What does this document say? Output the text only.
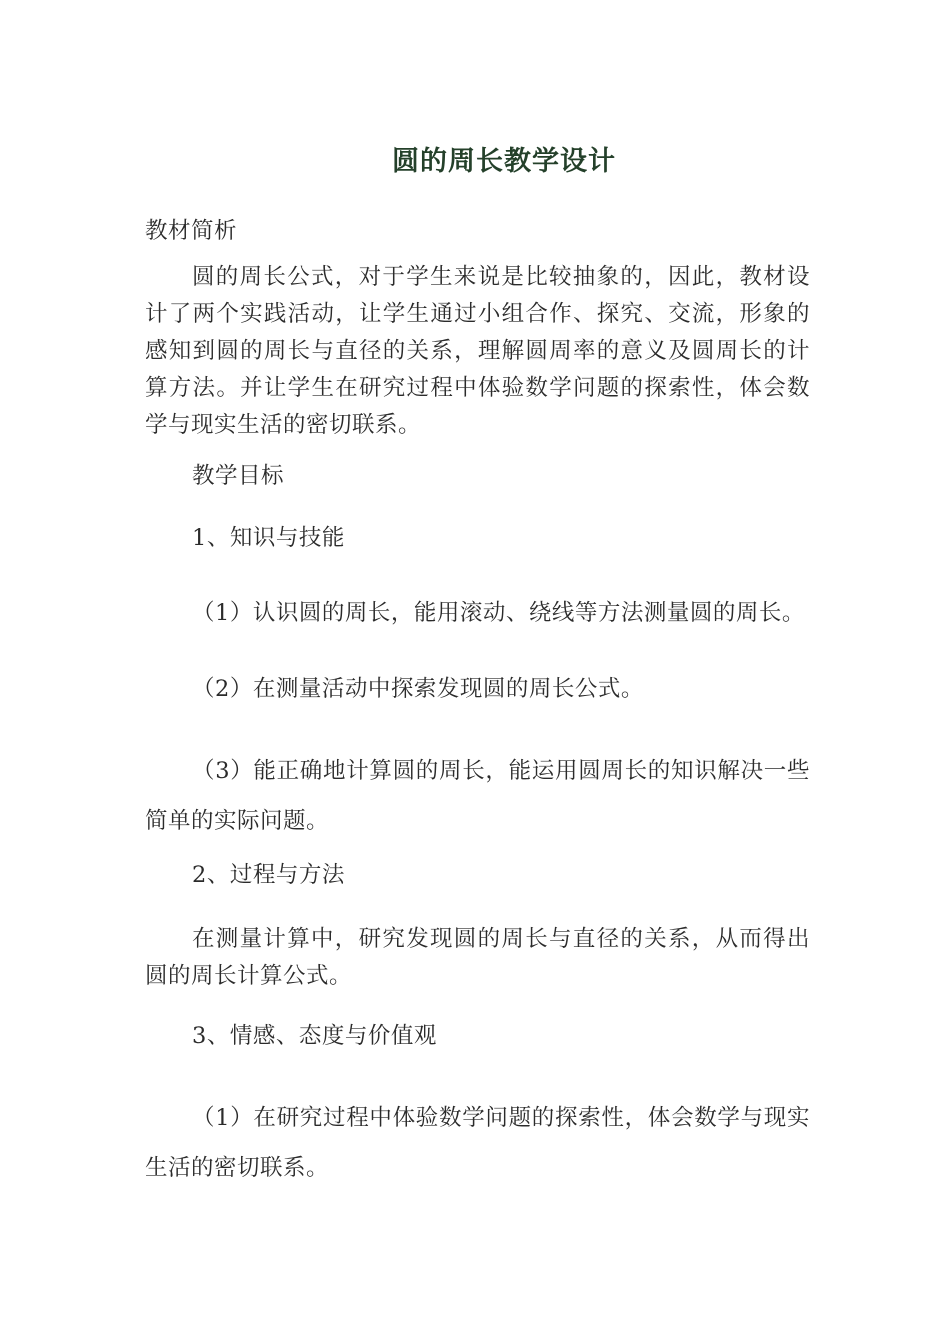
圆的周长教学设计
教材简析
圆的周长公式，对于学生来说是比较抽象的，因此，教材设计了两个实践活动，让学生通过小组合作、探究、交流，形象的感知到圆的周长与直径的关系，理解圆周率的意义及圆周长的计算方法。并让学生在研究过程中体验数学问题的探索性，体会数学与现实生活的密切联系。
教学目标
1、知识与技能
（1）认识圆的周长，能用滚动、绕线等方法测量圆的周长。
（2）在测量活动中探索发现圆的周长公式。
（3）能正确地计算圆的周长，能运用圆周长的知识解决一些简单的实际问题。
2、过程与方法
在测量计算中，研究发现圆的周长与直径的关系，从而得出圆的周长计算公式。
3、情感、态度与价值观
（1）在研究过程中体验数学问题的探索性，体会数学与现实生活的密切联系。
